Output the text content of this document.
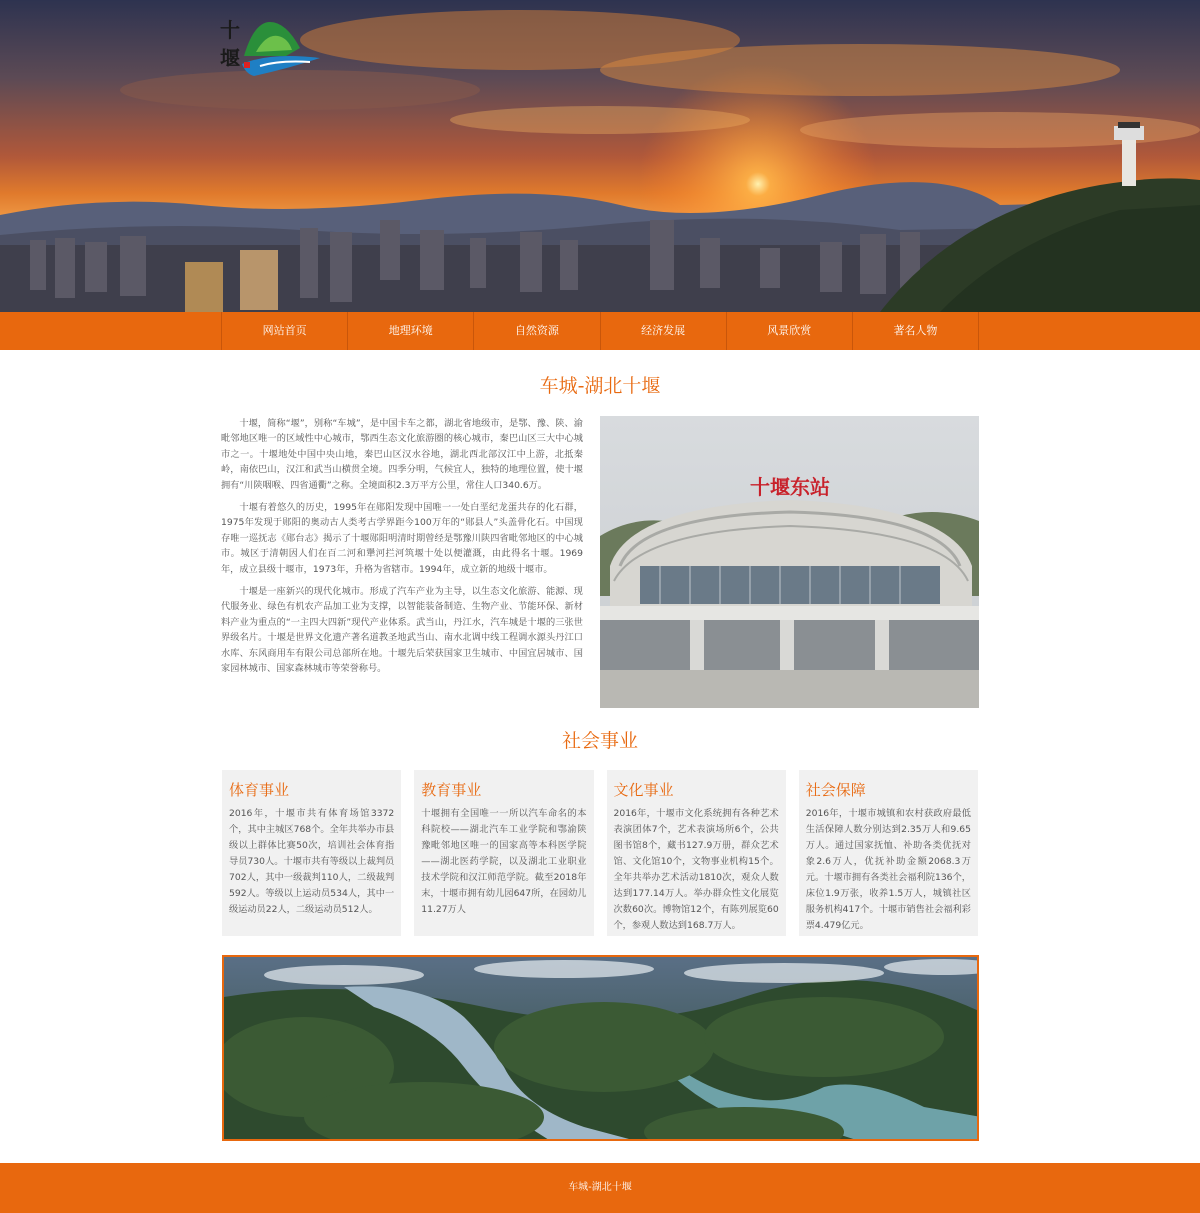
十堰
网站首页	地理环境	自然资源	经济发展	风景欣赏	著名人物
车城-湖北十堰

十堰，简称“堰”，别称“车城”，是中国卡车之都，湖北省地级市，是鄂、豫、陕、渝毗邻地区唯一的区域性中心城市，鄂西生态文化旅游圈的核心城市，秦巴山区三大中心城市之一。十堰地处中国中央山地，秦巴山区汉水谷地，湖北西北部汉江中上游，北抵秦岭，南依巴山，汉江和武当山横贯全境。四季分明，气候宜人，独特的地理位置，使十堰拥有“川陕咽喉、四省通衢”之称。全境面积2.3万平方公里，常住人口340.6万。

十堰有着悠久的历史，1995年在郧阳发现中国唯一一处白垩纪龙蛋共存的化石群，1975年发现于郧阳的奥动古人类考古学界距今100万年的“郧县人”头盖骨化石。中国现存唯一巡抚志《郧台志》揭示了十堰郧阳明清时期曾经是鄂豫川陕四省毗邻地区的中心城市。城区于清朝因人们在百二河和犟河拦河筑堰十处以便灌溉，由此得名十堰。1969年，成立县级十堰市，1973年，升格为省辖市。1994年，成立新的地级十堰市。

十堰是一座新兴的现代化城市。形成了汽车产业为主导，以生态文化旅游、能源、现代服务业、绿色有机农产品加工业为支撑，以智能装备制造、生物产业、节能环保、新材料产业为重点的“一主四大四新”现代产业体系。武当山，丹江水，汽车城是十堰的三张世界级名片。十堰是世界文化遗产著名道教圣地武当山、南水北调中线工程调水源头丹江口水库、东风商用车有限公司总部所在地。十堰先后荣获国家卫生城市、中国宜居城市、国家园林城市、国家森林城市等荣誉称号。

十堰东站
社会事业
体育事业

2016年，十堰市共有体育场馆3372个，其中主城区768个。全年共举办市县级以上群体比赛50次，培训社会体育指导员730人。十堰市共有等级以上裁判员702人，其中一级裁判110人，二级裁判592人。等级以上运动员534人，其中一级运动员22人，二级运动员512人。

教育事业

十堰拥有全国唯一一所以汽车命名的本科院校——湖北汽车工业学院和鄂渝陕豫毗邻地区唯一的国家高等本科医学院——湖北医药学院，以及湖北工业职业技术学院和汉江师范学院。截至2018年末，十堰市拥有幼儿园647所，在园幼儿11.27万人

文化事业

2016年，十堰市文化系统拥有各种艺术表演团体7个，艺术表演场所6个，公共图书馆8个，藏书127.9万册，群众艺术馆、文化馆10个，文物事业机构15个。全年共举办艺术活动1810次，观众人数达到177.14万人。举办群众性文化展览次数60次。博物馆12个，有陈列展览60个，参观人数达到168.7万人。

社会保障

2016年，十堰市城镇和农村获政府最低生活保障人数分别达到2.35万人和9.65万人。通过国家抚恤、补助各类优抚对象2.6万人，优抚补助金额2068.3万元。十堰市拥有各类社会福利院136个，床位1.9万张，收养1.5万人，城镇社区服务机构417个。十堰市销售社会福利彩票4.479亿元。

车城-湖北十堰
